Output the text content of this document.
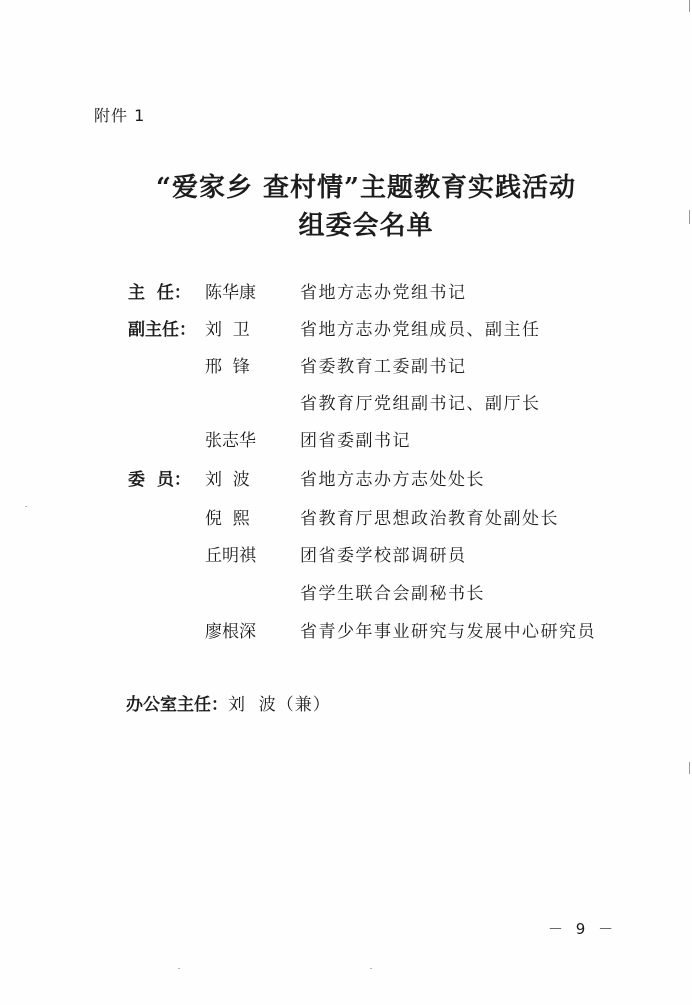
附件 1
“爱家乡 查村情”主题教育实践活动
组委会名单
主  任： 陈华康	省地方志办党组书记
副主任： 刘  卫	省地方志办党组成员、副主任
邢  锋	省委教育工委副书记
省教育厅党组副书记、副厅长
张志华	团省委副书记
委  员： 刘  波	省地方志办方志处处长
倪  熙	省教育厅思想政治教育处副处长
丘明祺	团省委学校部调研员
省学生联合会副秘书长
廖根深	省青少年事业研究与发展中心研究员
办公室主任：刘  波（兼）
－ 9 －
